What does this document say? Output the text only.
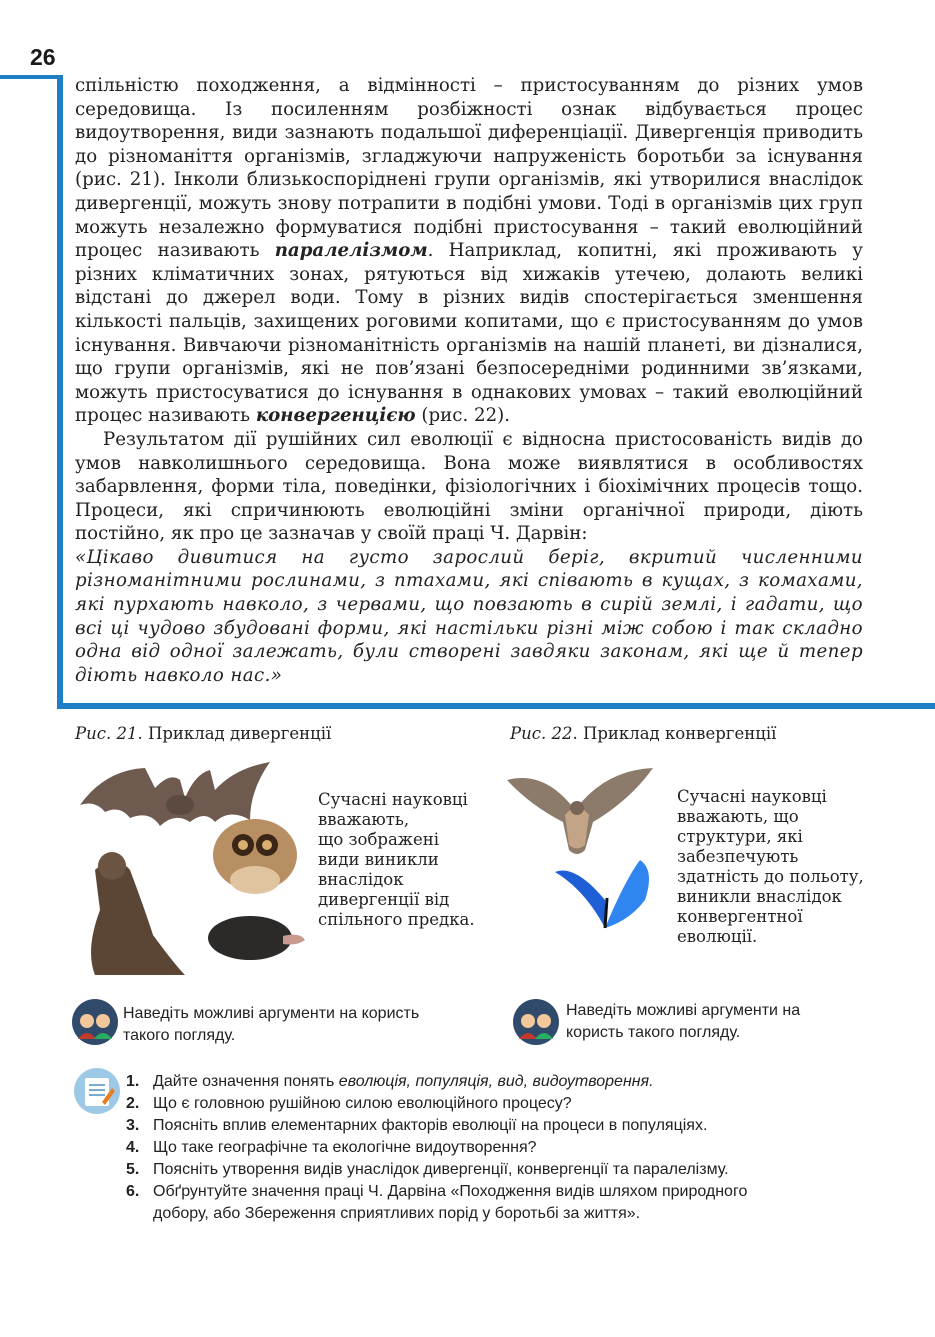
26

спільністю походження, а відмінності – пристосуванням до різних умов середовища. Із посиленням розбіжності ознак відбувається процес видоутворення, види зазнають подальшої диференціації. Дивергенція приводить до різноманіття організмів, згладжуючи напруженість боротьби за існування (рис. 21). Інколи близькоспоріднені групи організмів, які утворилися внаслідок дивергенції, можуть знову потрапити в подібні умови. Тоді в організмів цих груп можуть незалежно формуватися подібні пристосування – такий еволюційний процес називають паралелізмом. Наприклад, копитні, які проживають у різних кліматичних зонах, рятуються від хижаків утечею, долають великі відстані до джерел води. Тому в різних видів спостерігається зменшення кількості пальців, захищених роговими копитами, що є пристосуванням до умов існування. Вивчаючи різноманітність організмів на нашій планеті, ви дізналися, що групи організмів, які не пов’язані безпосередніми родинними зв’язками, можуть пристосуватися до існування в однакових умовах – такий еволюційний процес називають конвергенцією (рис. 22).

Результатом дії рушійних сил еволюції є відносна пристосованість видів до умов навколишнього середовища. Вона може виявлятися в особливостях забарвлення, форми тіла, поведінки, фізіологічних і біохімічних процесів тощо. Процеси, які спричинюють еволюційні зміни органічної природи, діють постійно, як про це зазначав у своїй праці Ч. Дарвін:

«Цікаво дивитися на густо зарослий беріг, вкритий численними різноманітними рослинами, з птахами, які співають в кущах, з комахами, які пурхають навколо, з червами, що повзають в сирій землі, і гадати, що всі ці чудово збудовані форми, які настільки різні між собою і так складно одна від одної залежать, були створені завдяки законам, які ще й тепер діють навколо нас.»

Рис. 21. Приклад дивергенції	Рис. 22. Приклад конвергенції
Сучасні науковці
вважають,
що зображені
види виникли
внаслідок
дивергенції від
спільного предка.
Сучасні науковці
вважають, що
структури, які
забезпечують
здатність до польоту,
виникли внаслідок
конвергентної
еволюції.
Наведіть можливі аргументи на користь
такого погляду.
Наведіть можливі аргументи на
користь такого погляду.
1. Дайте означення понять еволюція, популяція, вид, видоутворення.
2. Що є головною рушійною силою еволюційного процесу?
3. Поясніть вплив елементарних факторів еволюції на процеси в популяціях.
4. Що таке географічне та екологічне видоутворення?
5. Поясніть утворення видів унаслідок дивергенції, конвергенції та паралелізму.
6. Обґрунтуйте значення праці Ч. Дарвіна «Походження видів шляхом природного
добору, або Збереження сприятливих порід у боротьбі за життя».
